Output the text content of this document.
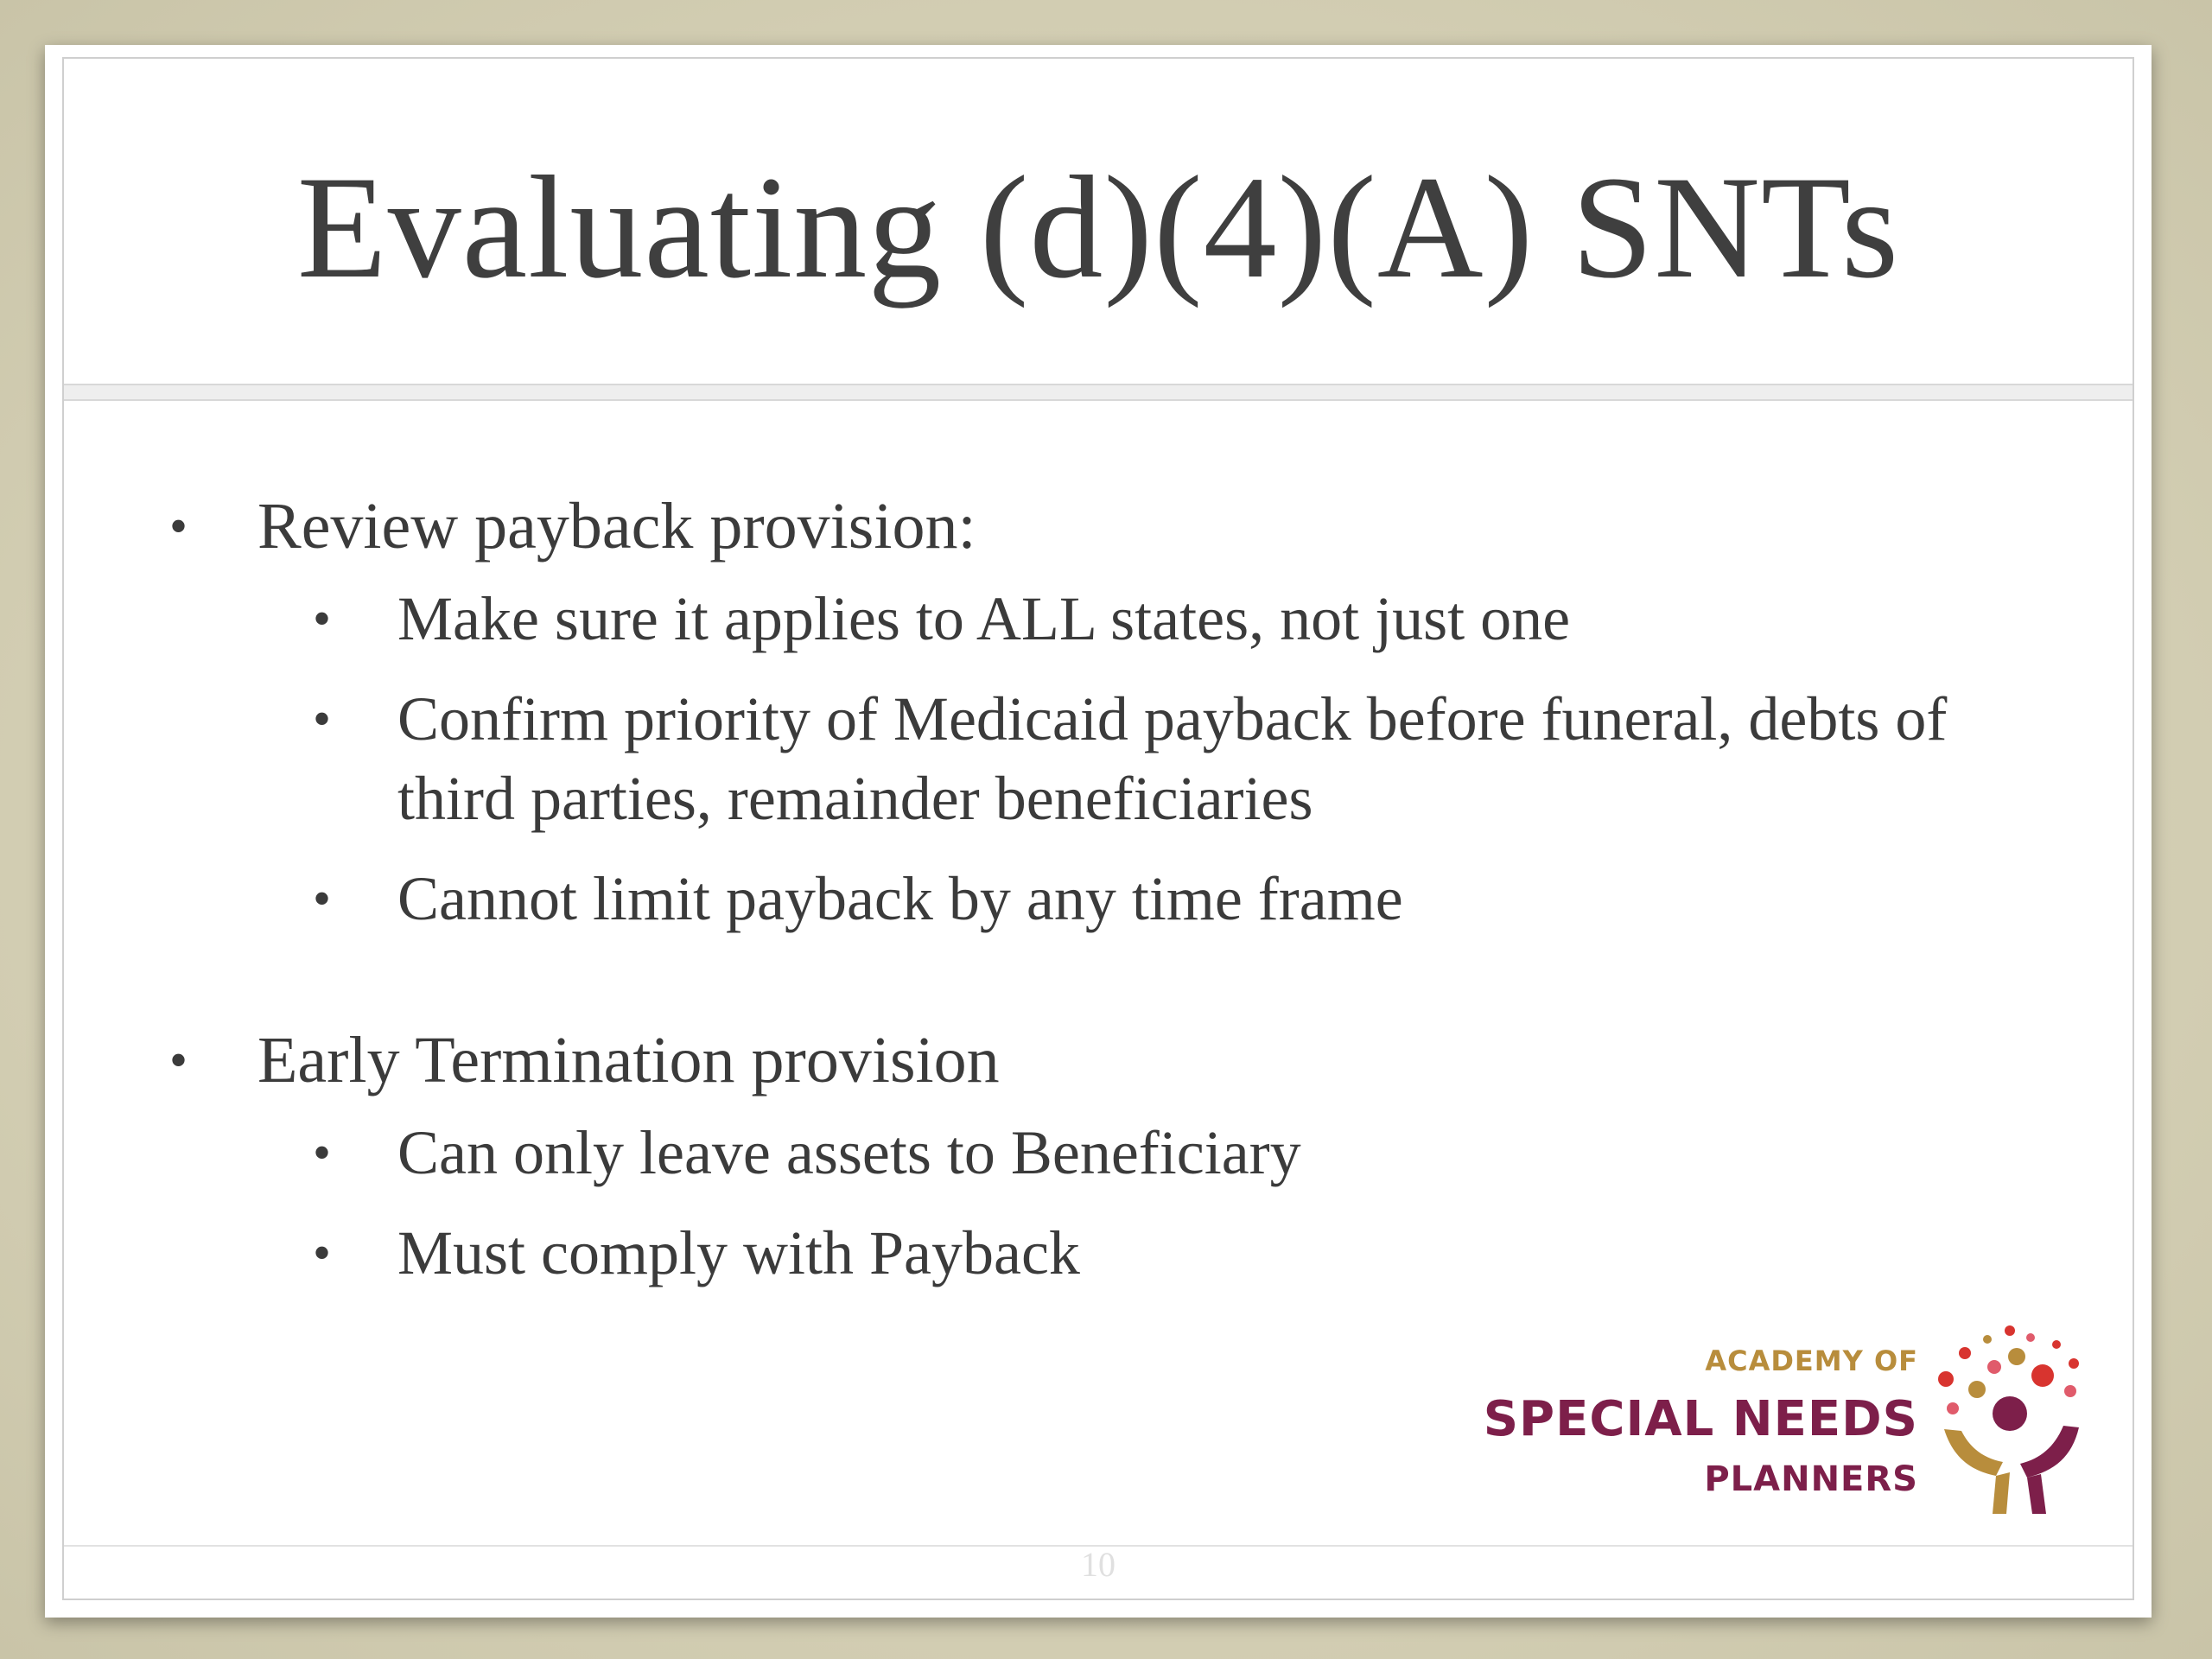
Evaluating (d)(4)(A) SNTs
• Review payback provision:
• Make sure it applies to ALL states, not just one
• Confirm priority of Medicaid payback before funeral, debts of third parties, remainder beneficiaries
• Cannot limit payback by any time frame
• Early Termination provision
• Can only leave assets to Beneficiary
• Must comply with Payback
ACADEMY OF
SPECIAL NEEDS
PLANNERS
10
